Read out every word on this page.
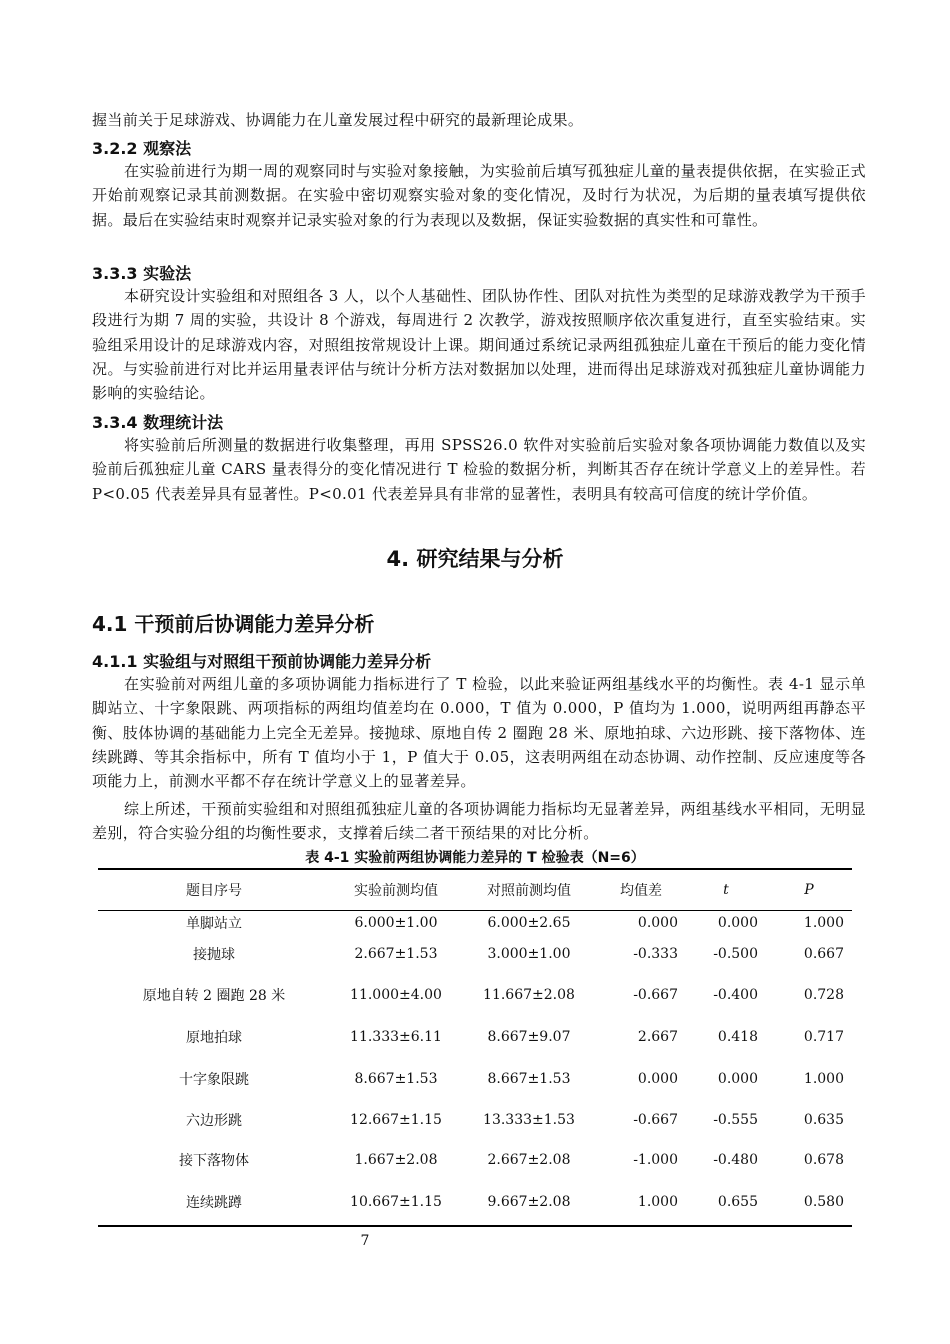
握当前关于足球游戏、协调能力在儿童发展过程中研究的最新理论成果。

3.2.2 观察法

在实验前进行为期一周的观察同时与实验对象接触，为实验前后填写孤独症儿童的量表提供依据，在实验正式开始前观察记录其前测数据。在实验中密切观察实验对象的变化情况，及时行为状况，为后期的量表填写提供依据。最后在实验结束时观察并记录实验对象的行为表现以及数据，保证实验数据的真实性和可靠性。

3.3.3 实验法

本研究设计实验组和对照组各 3 人，以个人基础性、团队协作性、团队对抗性为类型的足球游戏教学为干预手段进行为期 7 周的实验，共设计 8 个游戏，每周进行 2 次教学，游戏按照顺序依次重复进行，直至实验结束。实验组采用设计的足球游戏内容，对照组按常规设计上课。期间通过系统记录两组孤独症儿童在干预后的能力变化情况。与实验前进行对比并运用量表评估与统计分析方法对数据加以处理，进而得出足球游戏对孤独症儿童协调能力影响的实验结论。

3.3.4 数理统计法

将实验前后所测量的数据进行收集整理，再用 SPSS26.0 软件对实验前后实验对象各项协调能力数值以及实验前后孤独症儿童 CARS 量表得分的变化情况进行 T 检验的数据分析，判断其否存在统计学意义上的差异性。若 P<0.05 代表差异具有显著性。P<0.01 代表差异具有非常的显著性，表明具有较高可信度的统计学价值。

4. 研究结果与分析
4.1 干预前后协调能力差异分析
4.1.1 实验组与对照组干预前协调能力差异分析

在实验前对两组儿童的多项协调能力指标进行了 T 检验，以此来验证两组基线水平的均衡性。表 4-1 显示单脚站立、十字象限跳、两项指标的两组均值差均在 0.000，T 值为 0.000，P 值均为 1.000，说明两组再静态平衡、肢体协调的基础能力上完全无差异。接抛球、原地自传 2 圈跑 28 米、原地拍球、六边形跳、接下落物体、连续跳蹲、等其余指标中，所有 T 值均小于 1，P 值大于 0.05，这表明两组在动态协调、动作控制、反应速度等各项能力上，前测水平都不存在统计学意义上的显著差异。

综上所述，干预前实验组和对照组孤独症儿童的各项协调能力指标均无显著差异，两组基线水平相同，无明显差别，符合实验分组的均衡性要求，支撑着后续二者干预结果的对比分析。

表 4-1 实验前两组协调能力差异的 T 检验表（N=6）

题目序号	实验前测均值	对照前测均值	均值差	t	P
单脚站立	6.000±1.00	6.000±2.65	0.000	0.000	1.000
接抛球	2.667±1.53	3.000±1.00	-0.333	-0.500	0.667
原地自转 2 圈跑 28 米	11.000±4.00	11.667±2.08	-0.667	-0.400	0.728
原地拍球	11.333±6.11	8.667±9.07	2.667	0.418	0.717
十字象限跳	8.667±1.53	8.667±1.53	0.000	0.000	1.000
六边形跳	12.667±1.15	13.333±1.53	-0.667	-0.555	0.635
接下落物体	1.667±2.08	2.667±2.08	-1.000	-0.480	0.678
连续跳蹲	10.667±1.15	9.667±2.08	1.000	0.655	0.580
7
